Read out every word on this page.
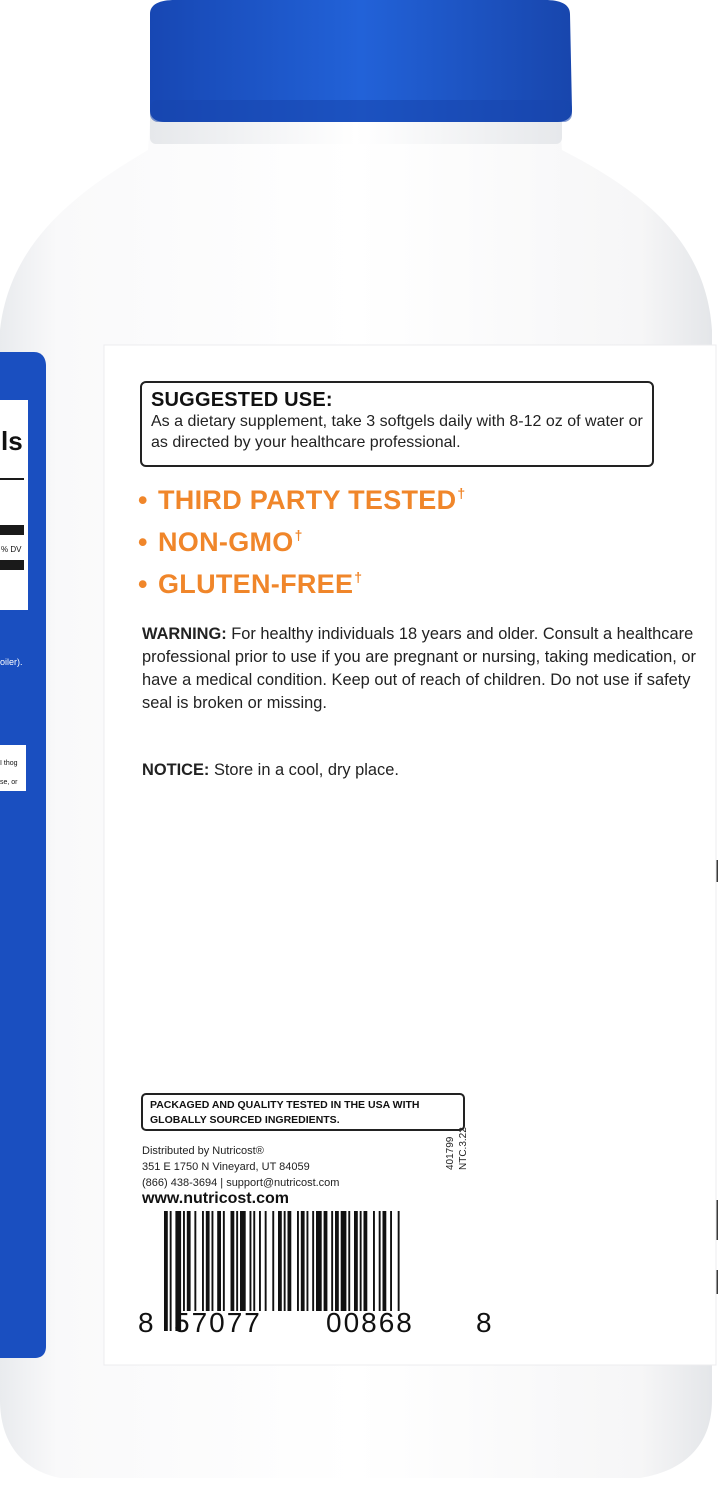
ls
% DV
oiler).
I thog
se, or
SUGGESTED USE:
As a dietary supplement, take 3 softgels daily with 8-12 oz of water or as directed by your healthcare professional.
• THIRD PARTY TESTED †
• NON-GMO †
• GLUTEN-FREE †
WARNING: For healthy individuals 18 years and older. Consult a healthcare professional prior to use if you are pregnant or nursing, taking medication, or have a medical condition. Keep out of reach of children. Do not use if safety seal is broken or missing.
NOTICE: Store in a cool, dry place.
PACKAGED AND QUALITY TESTED IN THE USA WITH GLOBALLY SOURCED INGREDIENTS.
Distributed by Nutricost®
351 E 1750 N Vineyard, UT 84059
(866) 438-3694 | support@nutricost.com
www.nutricost.com
401799 NTC.3.22
8 57077 00868 8
